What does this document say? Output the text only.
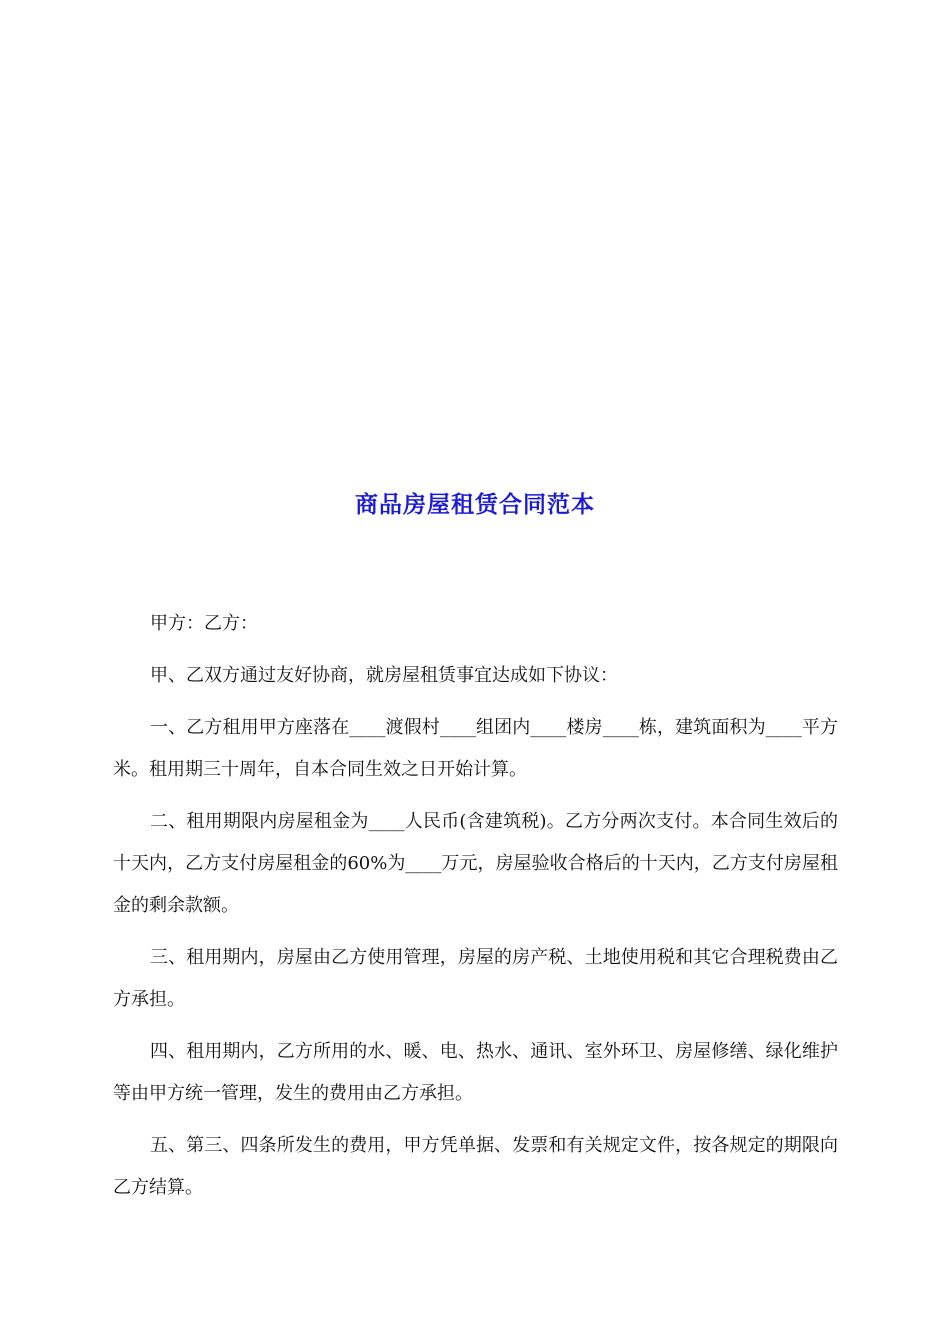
商品房屋租赁合同范本

甲方：乙方：

甲、乙双方通过友好协商，就房屋租赁事宜达成如下协议：

一、乙方租用甲方座落在____渡假村____组团内____楼房____栋，建筑面积为____平方米。租用期三十周年，自本合同生效之日开始计算。

二、租用期限内房屋租金为____人民币(含建筑税)。乙方分两次支付。本合同生效后的十天内，乙方支付房屋租金的60%为____万元，房屋验收合格后的十天内，乙方支付房屋租金的剩余款额。

三、租用期内，房屋由乙方使用管理，房屋的房产税、土地使用税和其它合理税费由乙方承担。

四、租用期内，乙方所用的水、暖、电、热水、通讯、室外环卫、房屋修缮、绿化维护等由甲方统一管理，发生的费用由乙方承担。

五、第三、四条所发生的费用，甲方凭单据、发票和有关规定文件，按各规定的期限向乙方结算。
